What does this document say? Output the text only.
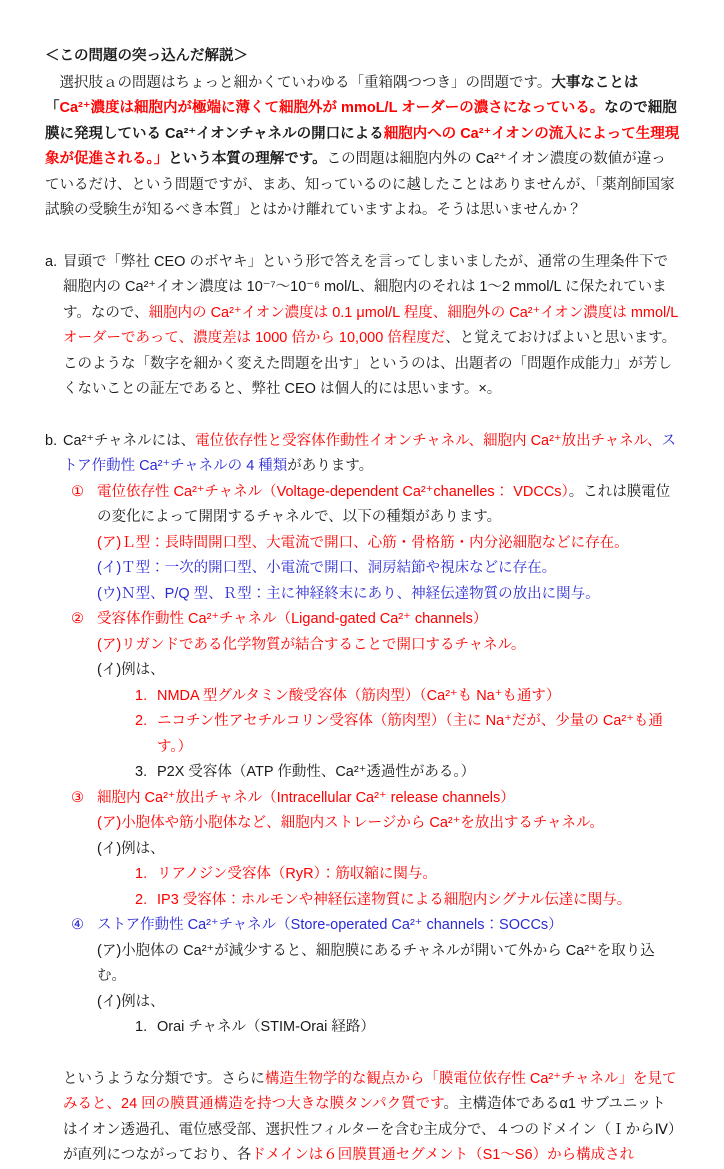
＜この問題の突っ込んだ解説＞

選択肢ａの問題はちょっと細かくていわゆる「重箱隅つつき」の問題です。大事なことは「Ca²⁺濃度は細胞内が極端に薄くて細胞外が mmoL/L オーダーの濃さになっている。なので細胞膜に発現している Ca²⁺イオンチャネルの開口による細胞内への Ca²⁺イオンの流入によって生理現象が促進される。」という本質の理解です。この問題は細胞内外の Ca²⁺イオン濃度の数値が違っているだけ、という問題ですが、まあ、知っているのに越したことはありませんが、「薬剤師国家試験の受験生が知るべき本質」とはかけ離れていますよね。そうは思いませんか？

a. 冒頭で「弊社 CEO のボヤキ」という形で答えを言ってしまいましたが、通常の生理条件下で細胞内の Ca²⁺イオン濃度は 10⁻⁷～10⁻⁶ mol/L、細胞内のそれは 1～2 mmol/L に保たれています。なので、細胞内の Ca²⁺イオン濃度は 0.1 μmol/L 程度、細胞外の Ca²⁺イオン濃度は mmol/L オーダーであって、濃度差は 1000 倍から 10,000 倍程度だ、と覚えておけばよいと思います。このような「数字を細かく変えた問題を出す」というのは、出題者の「問題作成能力」が芳しくないことの証左であると、弊社 CEO は個人的には思います。×。
b. Ca²⁺チャネルには、電位依存性と受容体作動性イオンチャネル、細胞内 Ca²⁺放出チャネル、ストア作動性 Ca²⁺チャネルの 4 種類があります。
① 電位依存性 Ca²⁺チャネル（Voltage-dependent Ca²⁺chanelles： VDCCs）。これは膜電位の変化によって開閉するチャネルで、以下の種類があります。
(ア)Ｌ型：長時間開口型、大電流で開口、心筋・骨格筋・内分泌細胞などに存在。
(イ)Ｔ型：一次的開口型、小電流で開口、洞房結節や視床などに存在。
(ウ)Ｎ型、P/Q 型、Ｒ型：主に神経終末にあり、神経伝達物質の放出に関与。
② 受容体作動性 Ca²⁺チャネル（Ligand-gated Ca²⁺ channels）
(ア)リガンドである化学物質が結合することで開口するチャネル。
(イ)例は、
1. NMDA 型グルタミン酸受容体（筋肉型）（Ca²⁺も Na⁺も通す）
2. ニコチン性アセチルコリン受容体（筋肉型）（主に Na⁺だが、少量の Ca²⁺も通す。）
3. P2X 受容体（ATP 作動性、Ca²⁺透過性がある。）
③ 細胞内 Ca²⁺放出チャネル（Intracellular Ca²⁺ release channels）
(ア)小胞体や筋小胞体など、細胞内ストレージから Ca²⁺を放出するチャネル。
(イ)例は、
1. リアノジン受容体（RyR）：筋収縮に関与。
2. IP3 受容体：ホルモンや神経伝達物質による細胞内シグナル伝達に関与。
④ ストア作動性 Ca²⁺チャネル（Store-operated Ca²⁺ channels：SOCCs）
(ア)小胞体の Ca²⁺が減少すると、細胞膜にあるチャネルが開いて外から Ca²⁺を取り込む。
(イ)例は、
1. Orai チャネル（STIM-Orai 経路）

というような分類です。さらに構造生物学的な観点から「膜電位依存性 Ca²⁺チャネル」を見てみると、24 回の膜貫通構造を持つ大きな膜タンパク質です。主構造体であるα1 サブユニットはイオン透過孔、電位感受部、選択性フィルターを含む主成分で、４つのドメイン（ＩからⅣ）が直列につながっており、各ドメインは６回膜貫通セグメント（S1～S6）から構成され
